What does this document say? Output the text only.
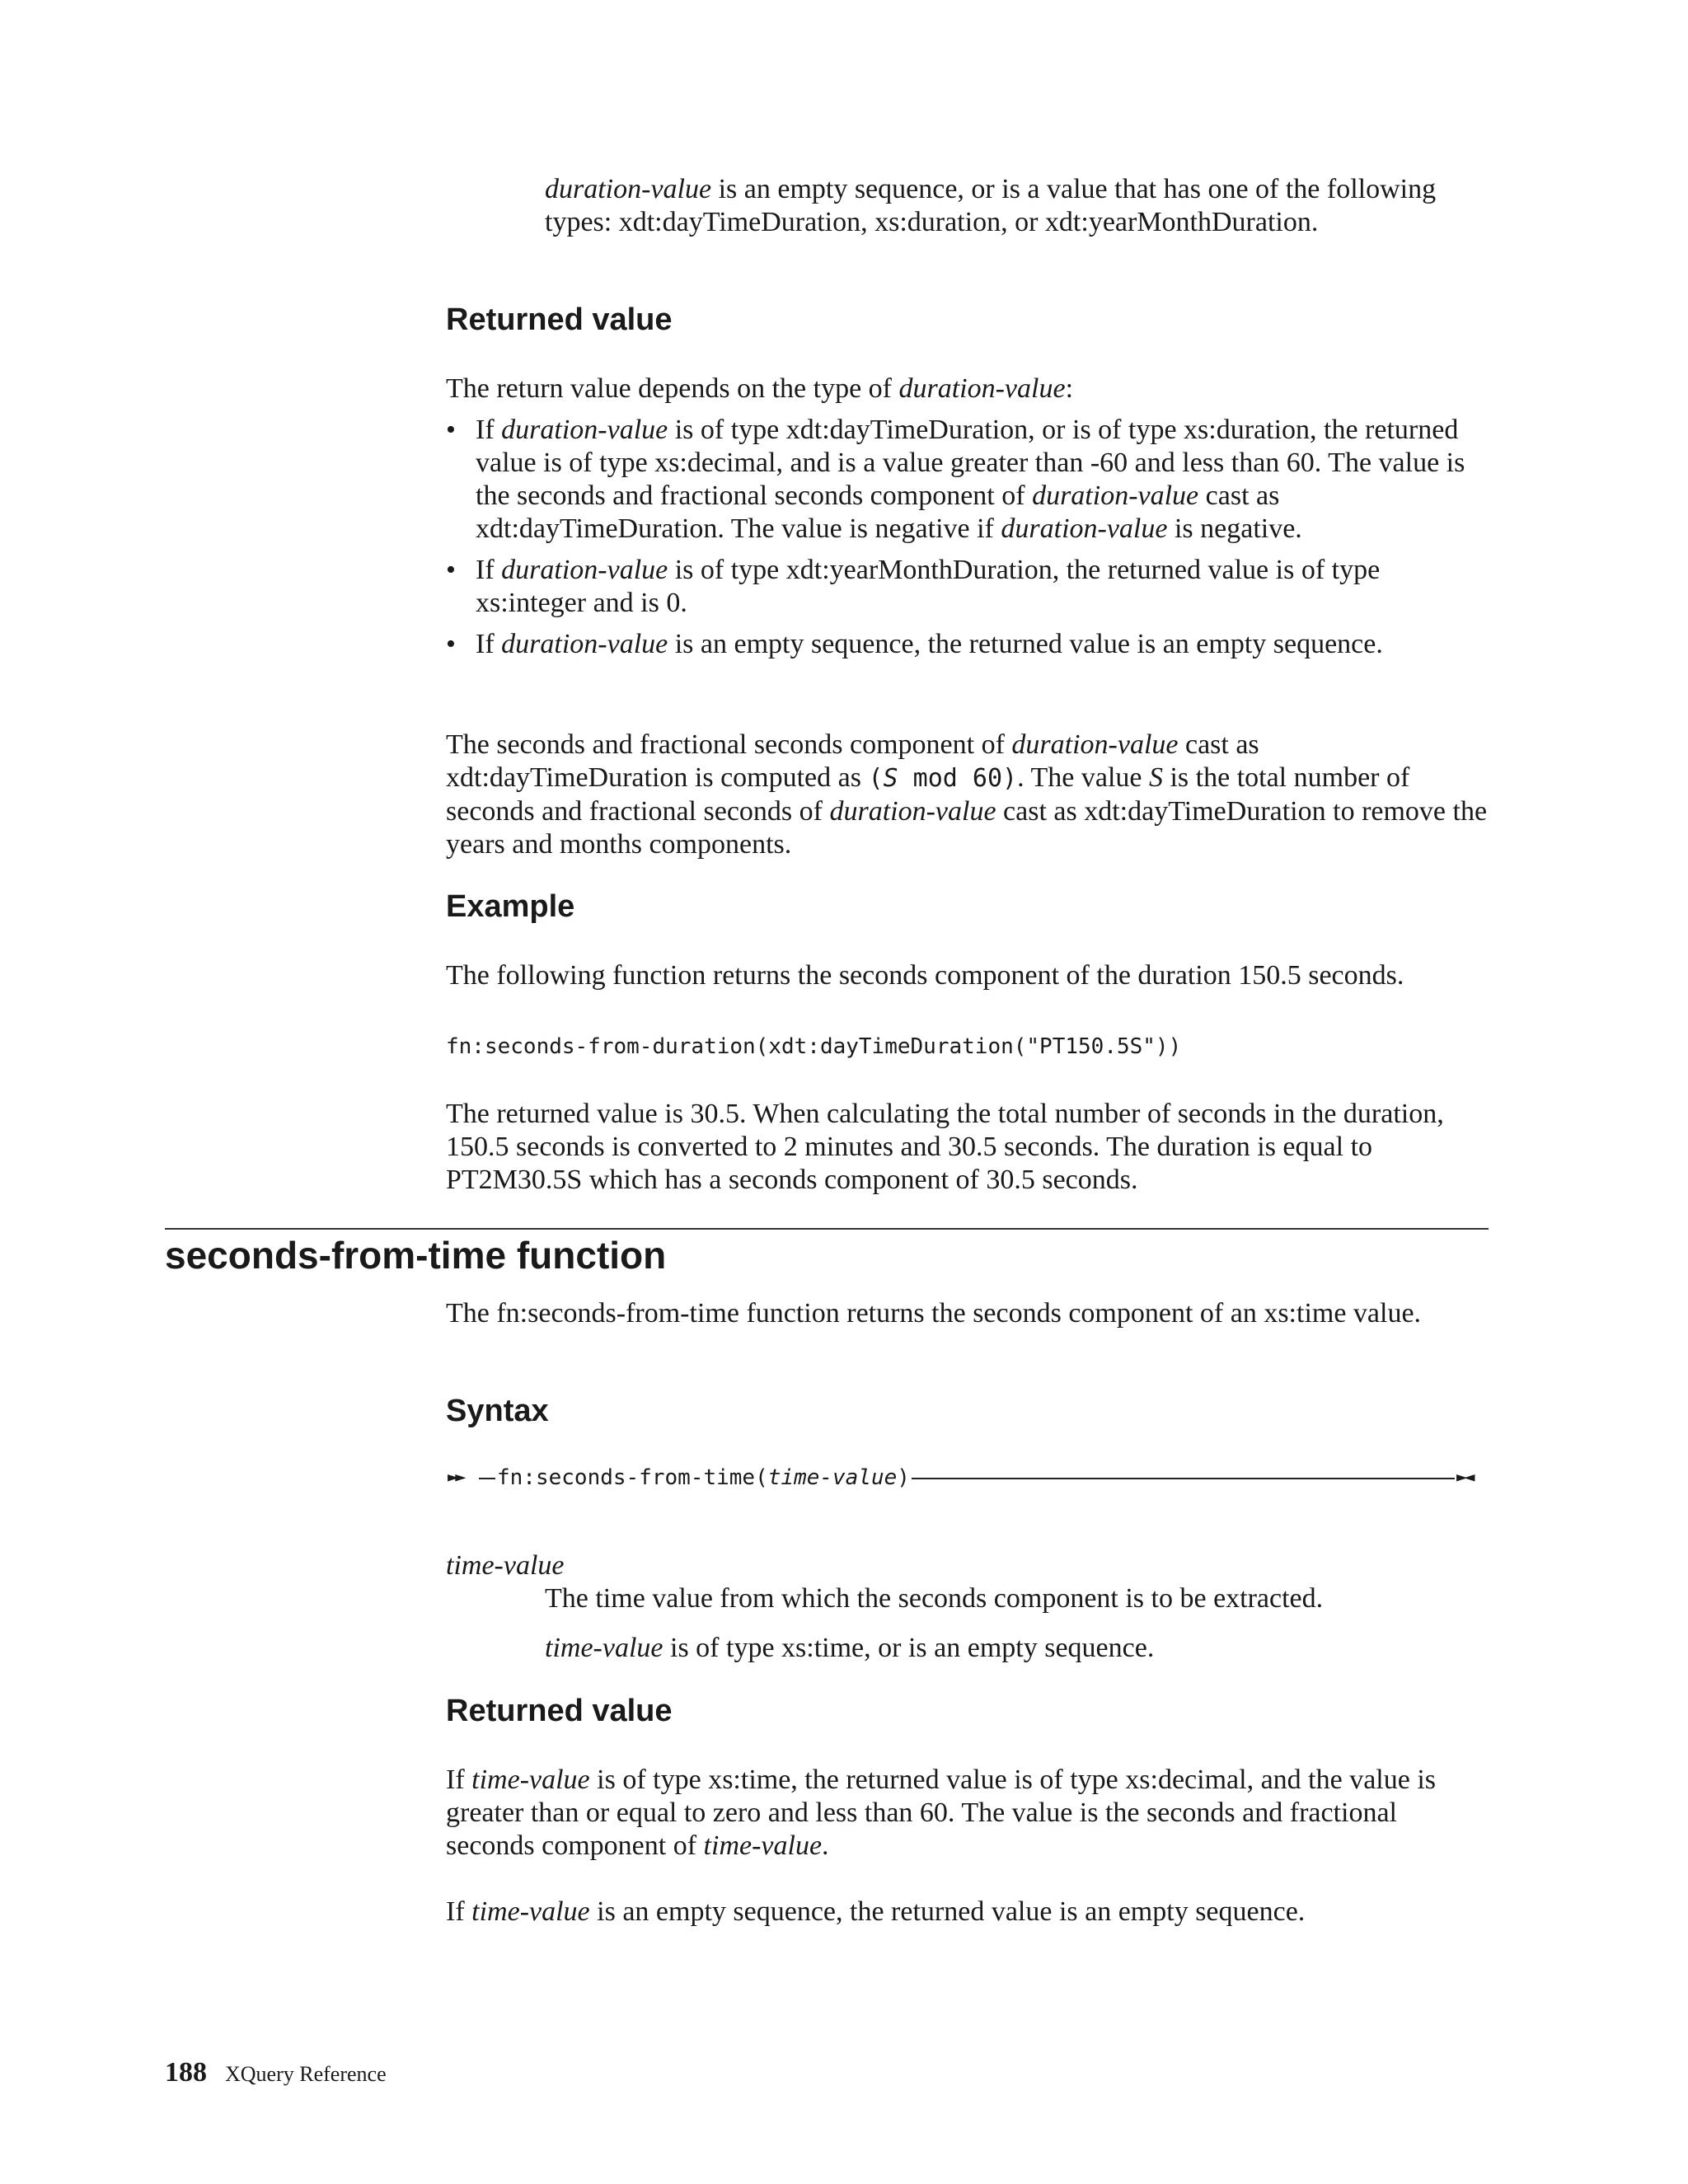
duration-value is an empty sequence, or is a value that has one of the following types: xdt:dayTimeDuration, xs:duration, or xdt:yearMonthDuration.

Returned value

The return value depends on the type of duration-value:

• If duration-value is of type xdt:dayTimeDuration, or is of type xs:duration, the returned value is of type xs:decimal, and is a value greater than -60 and less than 60. The value is the seconds and fractional seconds component of duration-value cast as xdt:dayTimeDuration. The value is negative if duration-value is negative.
• If duration-value is of type xdt:yearMonthDuration, the returned value is of type xs:integer and is 0.
• If duration-value is an empty sequence, the returned value is an empty sequence.

The seconds and fractional seconds component of duration-value cast as xdt:dayTimeDuration is computed as (S mod 60). The value S is the total number of seconds and fractional seconds of duration-value cast as xdt:dayTimeDuration to remove the years and months components.

Example

The following function returns the seconds component of the duration 150.5 seconds.

fn:seconds-from-duration(xdt:dayTimeDuration("PT150.5S"))

The returned value is 30.5. When calculating the total number of seconds in the duration, 150.5 seconds is converted to 2 minutes and 30.5 seconds. The duration is equal to PT2M30.5S which has a seconds component of 30.5 seconds.

seconds-from-time function

The fn:seconds-from-time function returns the seconds component of an xs:time value.

Syntax
►► fn:seconds-from-time(time-value)	►◄

time-value

The time value from which the seconds component is to be extracted.

time-value is of type xs:time, or is an empty sequence.

Returned value

If time-value is of type xs:time, the returned value is of type xs:decimal, and the value is greater than or equal to zero and less than 60. The value is the seconds and fractional seconds component of time-value.

If time-value is an empty sequence, the returned value is an empty sequence.

188 XQuery Reference
